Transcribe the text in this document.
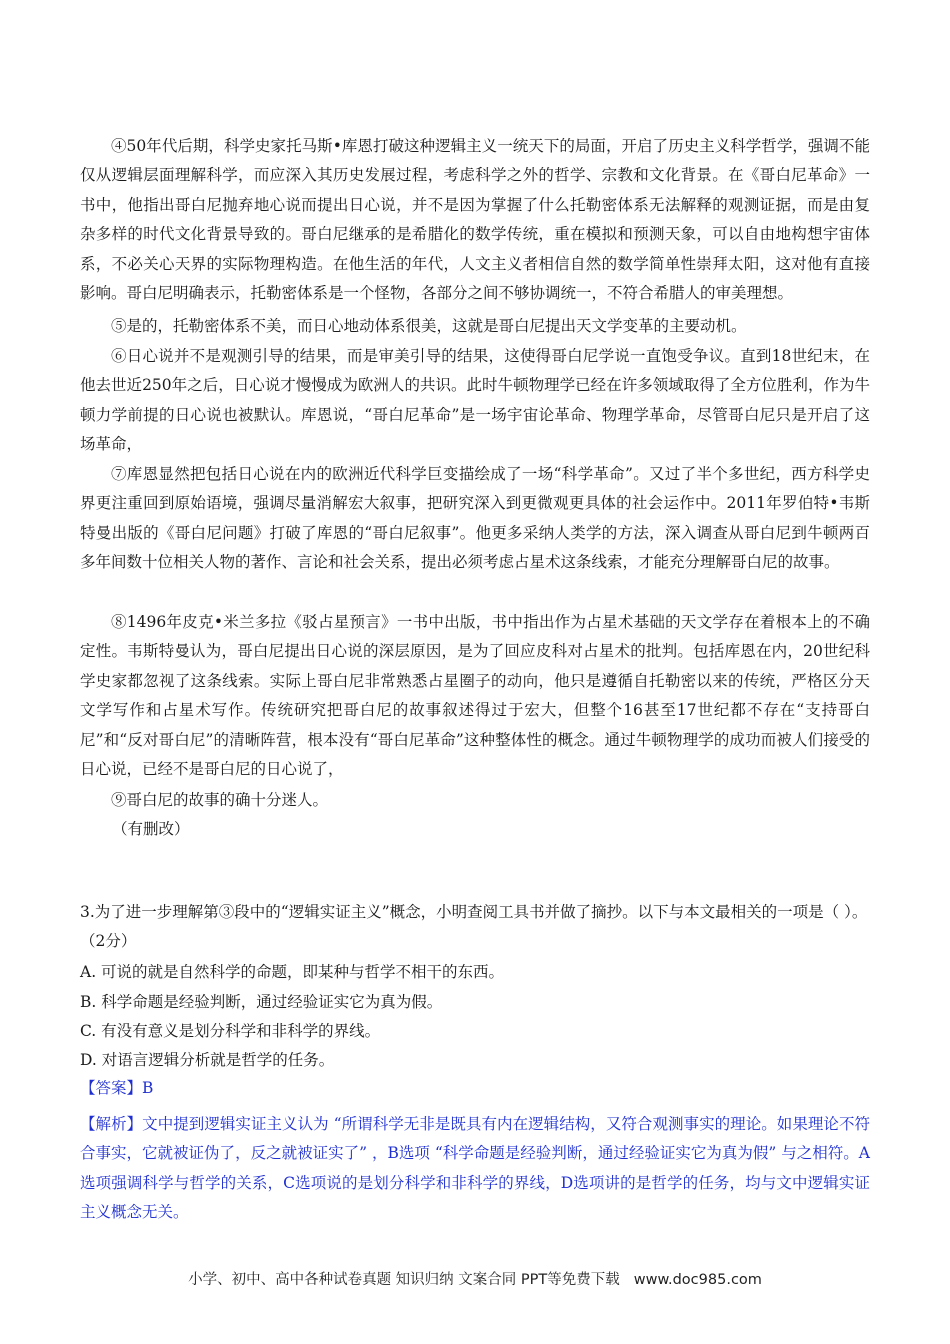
④50年代后期，科学史家托马斯•库恩打破这种逻辑主义一统天下的局面，开启了历史主义科学哲学，强调不能仅从逻辑层面理解科学，而应深入其历史发展过程，考虑科学之外的哲学、宗教和文化背景。在《哥白尼革命》一书中，他指出哥白尼抛弃地心说而提出日心说，并不是因为掌握了什么托勒密体系无法解释的观测证据，而是由复杂多样的时代文化背景导致的。哥白尼继承的是希腊化的数学传统，重在模拟和预测天象，可以自由地构想宇宙体系，不必关心天界的实际物理构造。在他生活的年代，人文主义者相信自然的数学简单性崇拜太阳，这对他有直接影响。哥白尼明确表示，托勒密体系是一个怪物，各部分之间不够协调统一，不符合希腊人的审美理想。

⑤是的，托勒密体系不美，而日心地动体系很美，这就是哥白尼提出天文学变革的主要动机。

⑥日心说并不是观测引导的结果，而是审美引导的结果，这使得哥白尼学说一直饱受争议。直到18世纪末，在他去世近250年之后，日心说才慢慢成为欧洲人的共识。此时牛顿物理学已经在许多领域取得了全方位胜利，作为牛顿力学前提的日心说也被默认。库恩说，“哥白尼革命”是一场宇宙论革命、物理学革命，尽管哥白尼只是开启了这场革命，

⑦库恩显然把包括日心说在内的欧洲近代科学巨变描绘成了一场“科学革命”。又过了半个多世纪，西方科学史界更注重回到原始语境，强调尽量消解宏大叙事，把研究深入到更微观更具体的社会运作中。2011年罗伯特•韦斯特曼出版的《哥白尼问题》打破了库恩的“哥白尼叙事”。他更多采纳人类学的方法，深入调查从哥白尼到牛顿两百多年间数十位相关人物的著作、言论和社会关系，提出必须考虑占星术这条线索，才能充分理解哥白尼的故事。

⑧1496年皮克•米兰多拉《驳占星预言》一书中出版，书中指出作为占星术基础的天文学存在着根本上的不确定性。韦斯特曼认为，哥白尼提出日心说的深层原因，是为了回应皮科对占星术的批判。包括库恩在内，20世纪科学史家都忽视了这条线索。实际上哥白尼非常熟悉占星圈子的动向，他只是遵循自托勒密以来的传统，严格区分天文学写作和占星术写作。传统研究把哥白尼的故事叙述得过于宏大，但整个16甚至17世纪都不存在“支持哥白尼”和“反对哥白尼”的清晰阵营，根本没有“哥白尼革命”这种整体性的概念。通过牛顿物理学的成功而被人们接受的日心说，已经不是哥白尼的日心说了，

⑨哥白尼的故事的确十分迷人。

（有删改）

3.为了进一步理解第③段中的“逻辑实证主义”概念，小明查阅工具书并做了摘抄。以下与本文最相关的一项是（ ）。（2分）

A. 可说的就是自然科学的命题，即某种与哲学不相干的东西。

B. 科学命题是经验判断，通过经验证实它为真为假。

C. 有没有意义是划分科学和非科学的界线。

D. 对语言逻辑分析就是哲学的任务。

【答案】B

【解析】文中提到逻辑实证主义认为 “所谓科学无非是既具有内在逻辑结构，又符合观测事实的理论。如果理论不符合事实，它就被证伪了，反之就被证实了” ，B选项 “科学命题是经验判断，通过经验证实它为真为假” 与之相符。A选项强调科学与哲学的关系，C选项说的是划分科学和非科学的界线，D选项讲的是哲学的任务，均与文中逻辑实证主义概念无关。

小学、初中、高中各种试卷真题 知识归纳 文案合同 PPT等免费下载 www.doc985.com
